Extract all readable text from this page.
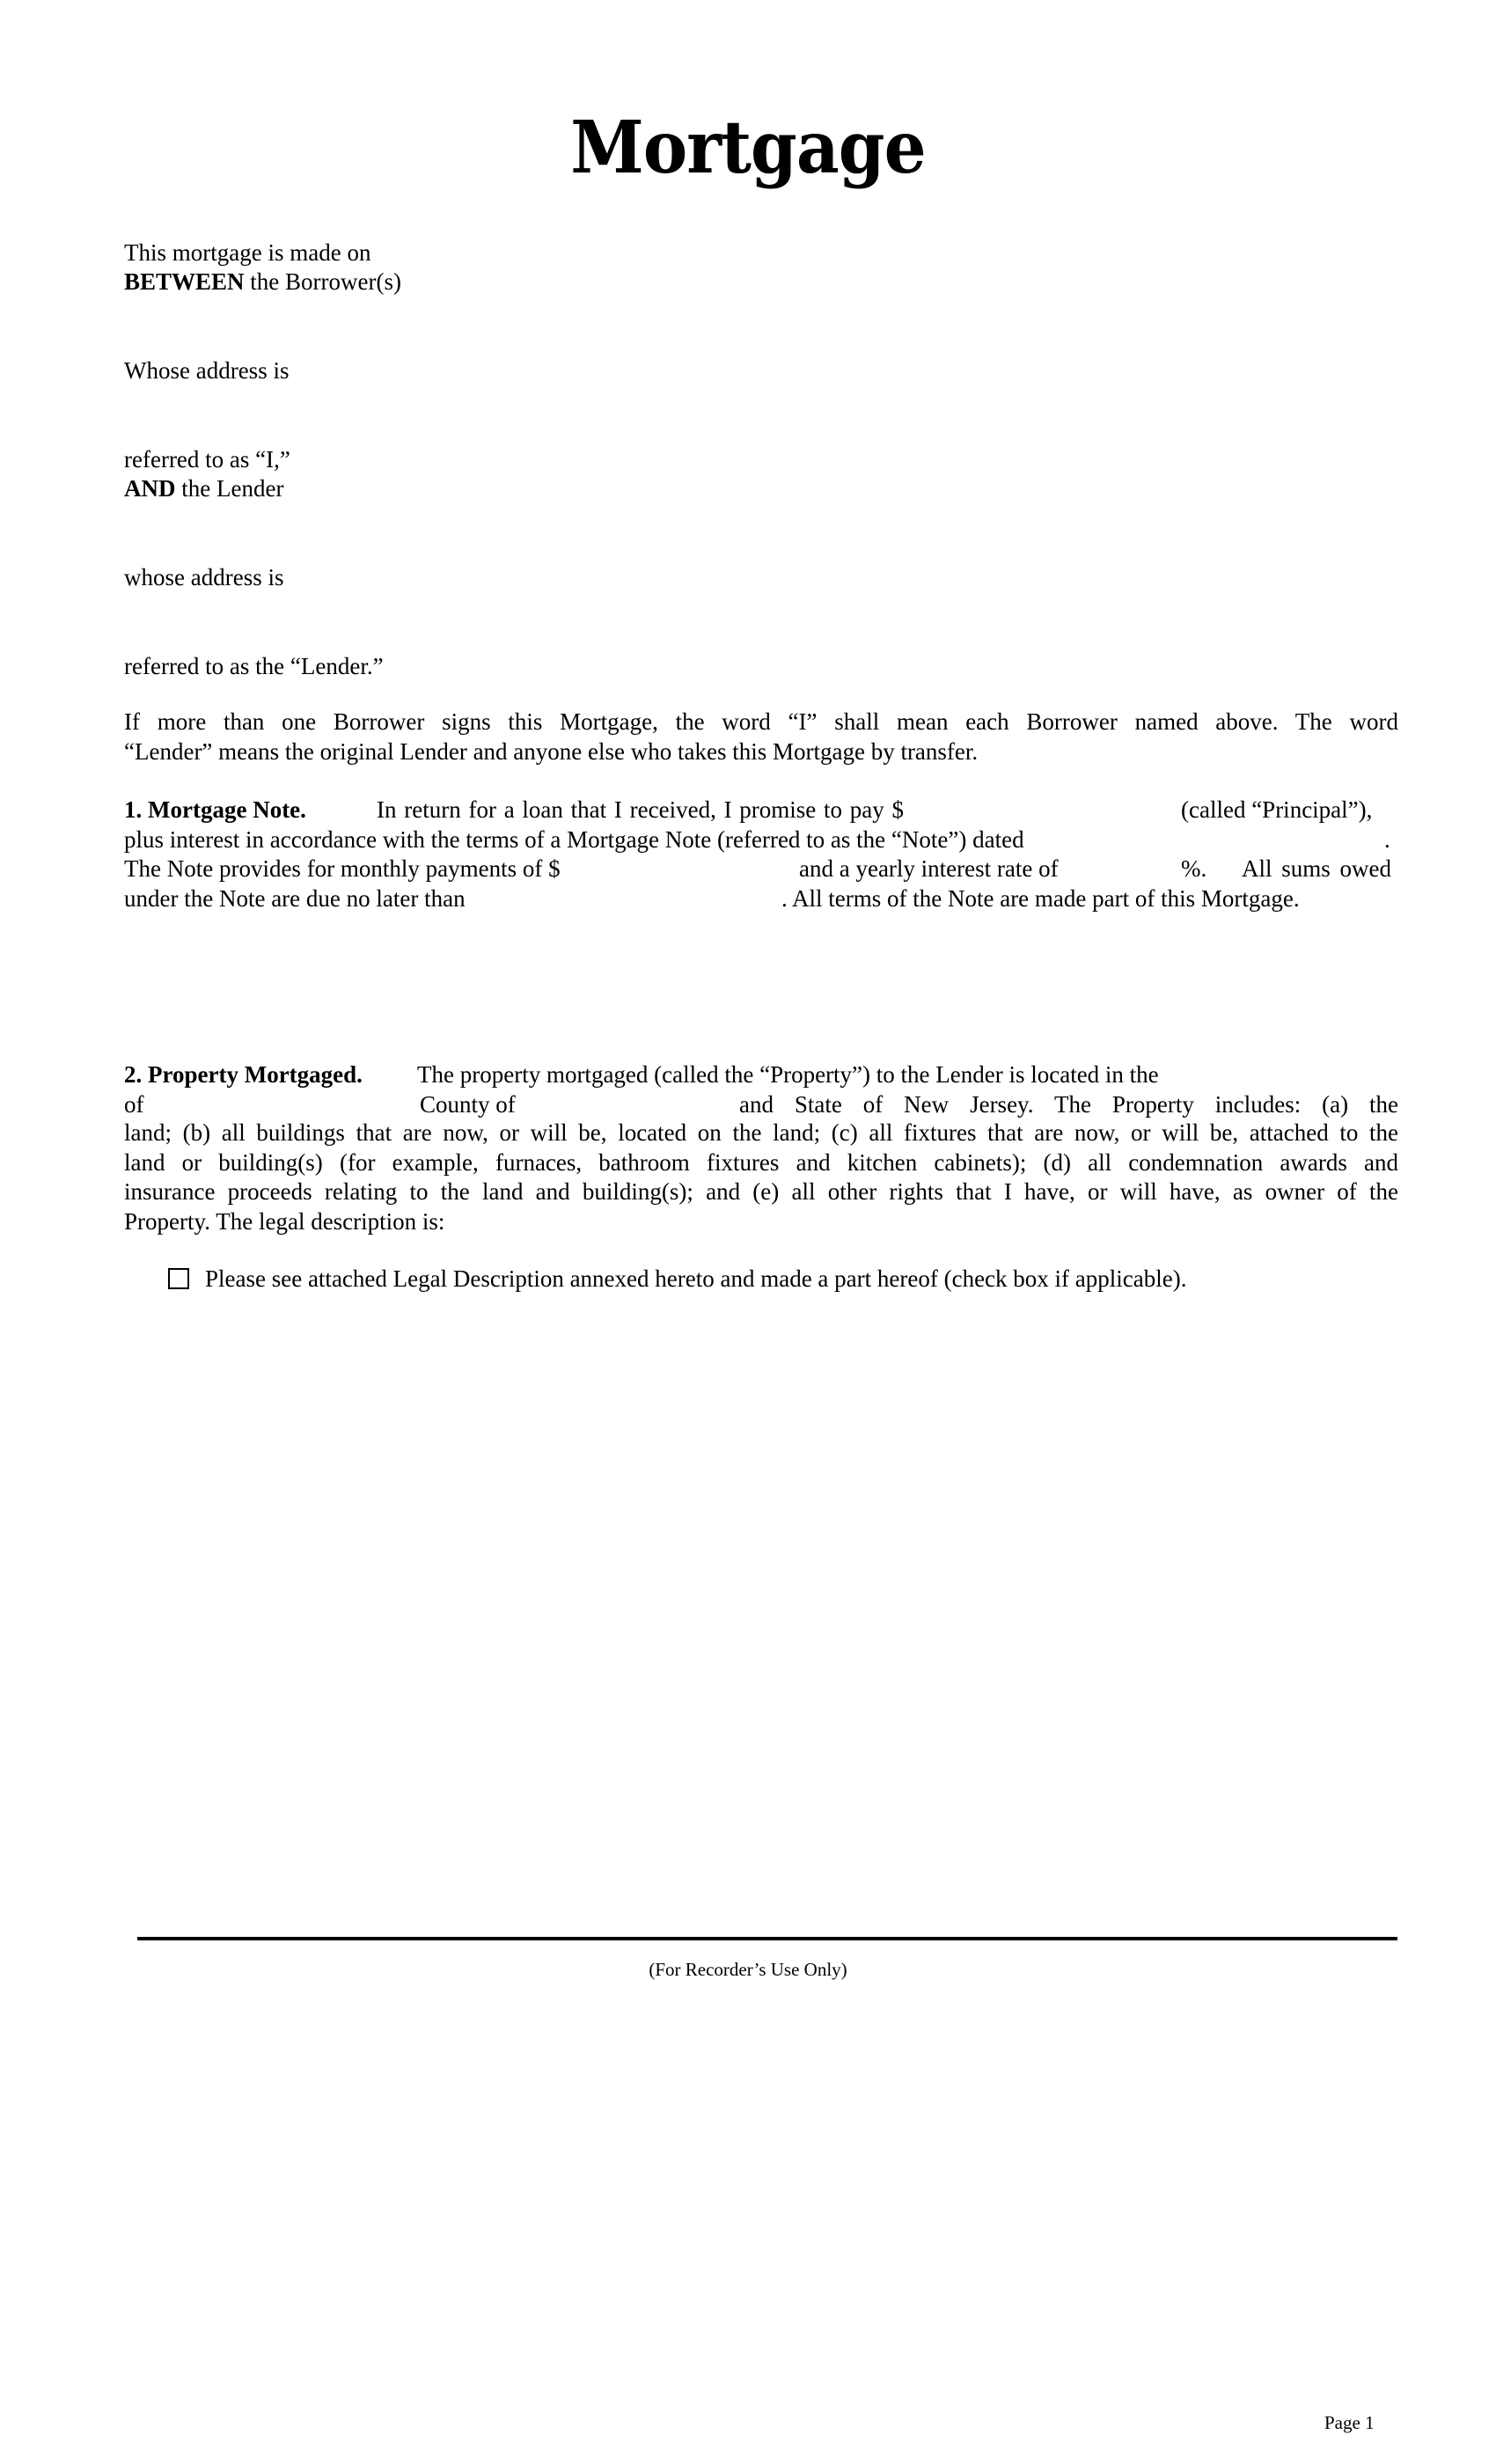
Mortgage
This mortgage is made on
BETWEEN the Borrower(s)
Whose address is
referred to as “I,”
AND the Lender
whose address is
referred to as the “Lender.”
If more than one Borrower signs this Mortgage, the word “I” shall mean each Borrower named above. The word
“Lender” means the original Lender and anyone else who takes this Mortgage by transfer.
1. Mortgage Note.	In return for a loan that I received, I promise to pay $	(called “Principal”),
plus interest in accordance with the terms of a Mortgage Note (referred to as the “Note”) dated	.
The Note provides for monthly payments of $	and a yearly interest rate of	%. All sums owed
under the Note are due no later than	. All terms of the Note are made part of this Mortgage.
2. Property Mortgaged. The property mortgaged (called the “Property”) to the Lender is located in the
of	County of	and State of New Jersey. The Property includes: (a) the
land; (b) all buildings that are now, or will be, located on the land; (c) all fixtures that are now, or will be, attached to the
land or building(s) (for example, furnaces, bathroom fixtures and kitchen cabinets); (d) all condemnation awards and
insurance proceeds relating to the land and building(s); and (e) all other rights that I have, or will have, as owner of the
Property. The legal description is:
Please see attached Legal Description annexed hereto and made a part hereof (check box if applicable).
(For Recorder’s Use Only)
Page 1
